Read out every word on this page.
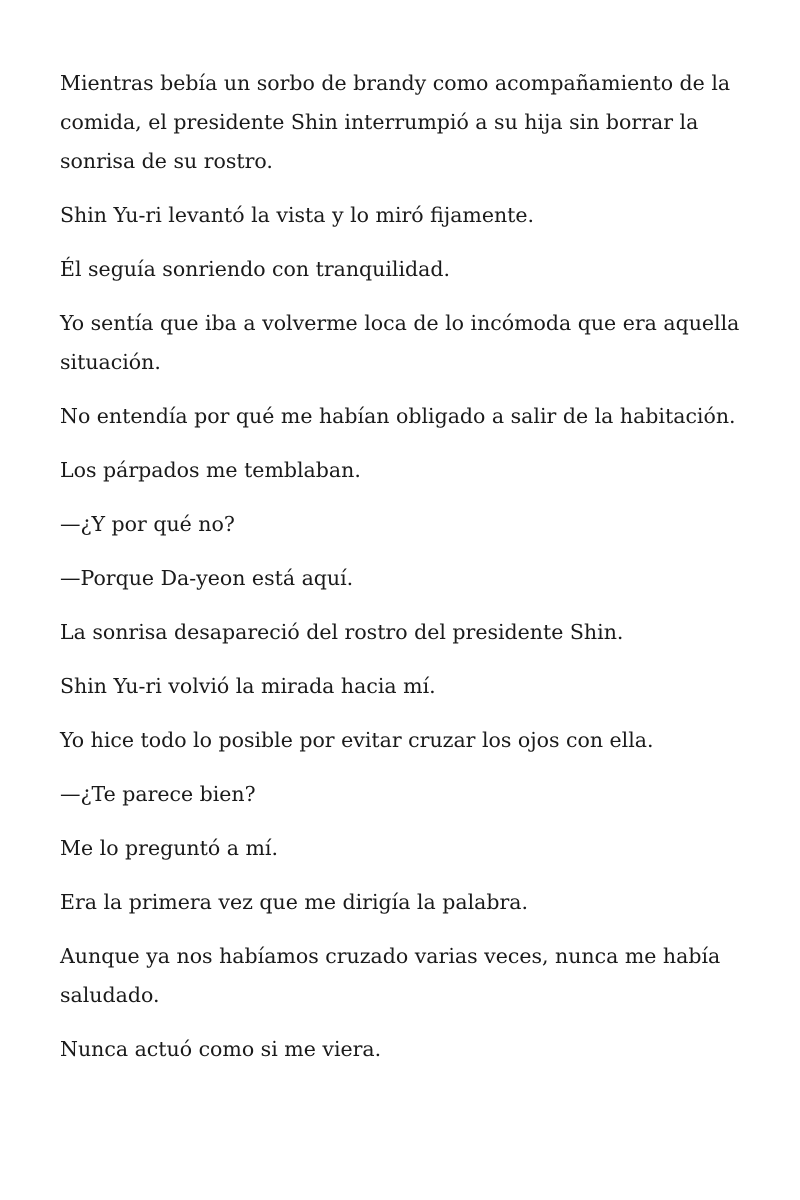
Mientras bebía un sorbo de brandy como acompañamiento de la comida, el presidente Shin interrumpió a su hija sin borrar la sonrisa de su rostro.

Shin Yu-ri levantó la vista y lo miró fijamente.

Él seguía sonriendo con tranquilidad.

Yo sentía que iba a volverme loca de lo incómoda que era aquella situación.

No entendía por qué me habían obligado a salir de la habitación.

Los párpados me temblaban.

—¿Y por qué no?

—Porque Da-yeon está aquí.

La sonrisa desapareció del rostro del presidente Shin.

Shin Yu-ri volvió la mirada hacia mí.

Yo hice todo lo posible por evitar cruzar los ojos con ella.

—¿Te parece bien?

Me lo preguntó a mí.

Era la primera vez que me dirigía la palabra.

Aunque ya nos habíamos cruzado varias veces, nunca me había saludado.

Nunca actuó como si me viera.
